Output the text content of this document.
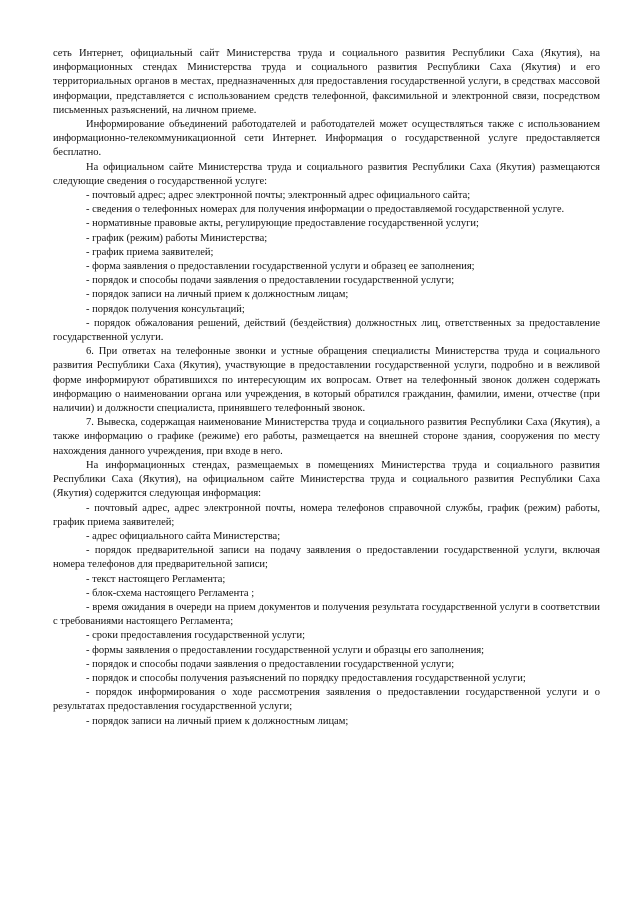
сеть Интернет, официальный сайт Министерства труда и социального развития Республики Саха (Якутия), на информационных стендах Министерства труда и социального развития Республики Саха (Якутия) и его территориальных органов в местах, предназначенных для предоставления государственной услуги, в средствах массовой информации, представляется с использованием средств телефонной, факсимильной и электронной связи, посредством письменных разъяснений, на личном приеме.

Информирование объединений работодателей и работодателей может осуществляться также с использованием информационно-телекоммуникационной сети Интернет. Информация о государственной услуге предоставляется бесплатно.

На официальном сайте Министерства труда и социального развития Республики Саха (Якутия) размещаются следующие сведения о государственной услуге:

- почтовый адрес; адрес электронной почты; электронный адрес официального сайта;

- сведения о телефонных номерах для получения информации о предоставляемой государственной услуге.

- нормативные правовые акты, регулирующие предоставление государственной услуги;

- график (режим) работы Министерства;

- график приема заявителей;

- форма заявления о предоставлении государственной услуги и образец ее заполнения;

- порядок и способы подачи заявления о предоставлении государственной услуги;

- порядок записи на личный прием к должностным лицам;

- порядок получения консультаций;

- порядок обжалования решений, действий (бездействия) должностных лиц, ответственных за предоставление государственной услуги.

6. При ответах на телефонные звонки и устные обращения специалисты Министерства труда и социального развития Республики Саха (Якутия), участвующие в предоставлении государственной услуги, подробно и в вежливой форме информируют обратившихся по интересующим их вопросам. Ответ на телефонный звонок должен содержать информацию о наименовании органа или учреждения, в который обратился гражданин, фамилии, имени, отчестве (при наличии) и должности специалиста, принявшего телефонный звонок.

7. Вывеска, содержащая наименование Министерства труда и социального развития Республики Саха (Якутия), а также информацию о графике (режиме) его работы, размещается на внешней стороне здания, сооружения по месту нахождения данного учреждения, при входе в него.

На информационных стендах, размещаемых в помещениях Министерства труда и социального развития Республики Саха (Якутия), на официальном сайте Министерства труда и социального развития Республики Саха (Якутия) содержится следующая информация:

- почтовый адрес, адрес электронной почты, номера телефонов справочной службы, график (режим) работы, график приема заявителей;

- адрес официального сайта Министерства;

- порядок предварительной записи на подачу заявления о предоставлении государственной услуги, включая номера телефонов для предварительной записи;

- текст настоящего Регламента;

- блок-схема настоящего Регламента ;

- время ожидания в очереди на прием документов и получения результата государственной услуги в соответствии с требованиями настоящего Регламента;

- сроки предоставления государственной услуги;

- формы заявления о предоставлении государственной услуги и образцы его заполнения;

- порядок и способы подачи заявления о предоставлении государственной услуги;

- порядок и способы получения разъяснений по порядку предоставления государственной услуги;

- порядок информирования о ходе рассмотрения заявления о предоставлении государственной услуги и о результатах предоставления государственной услуги;

- порядок записи на личный прием к должностным лицам;
